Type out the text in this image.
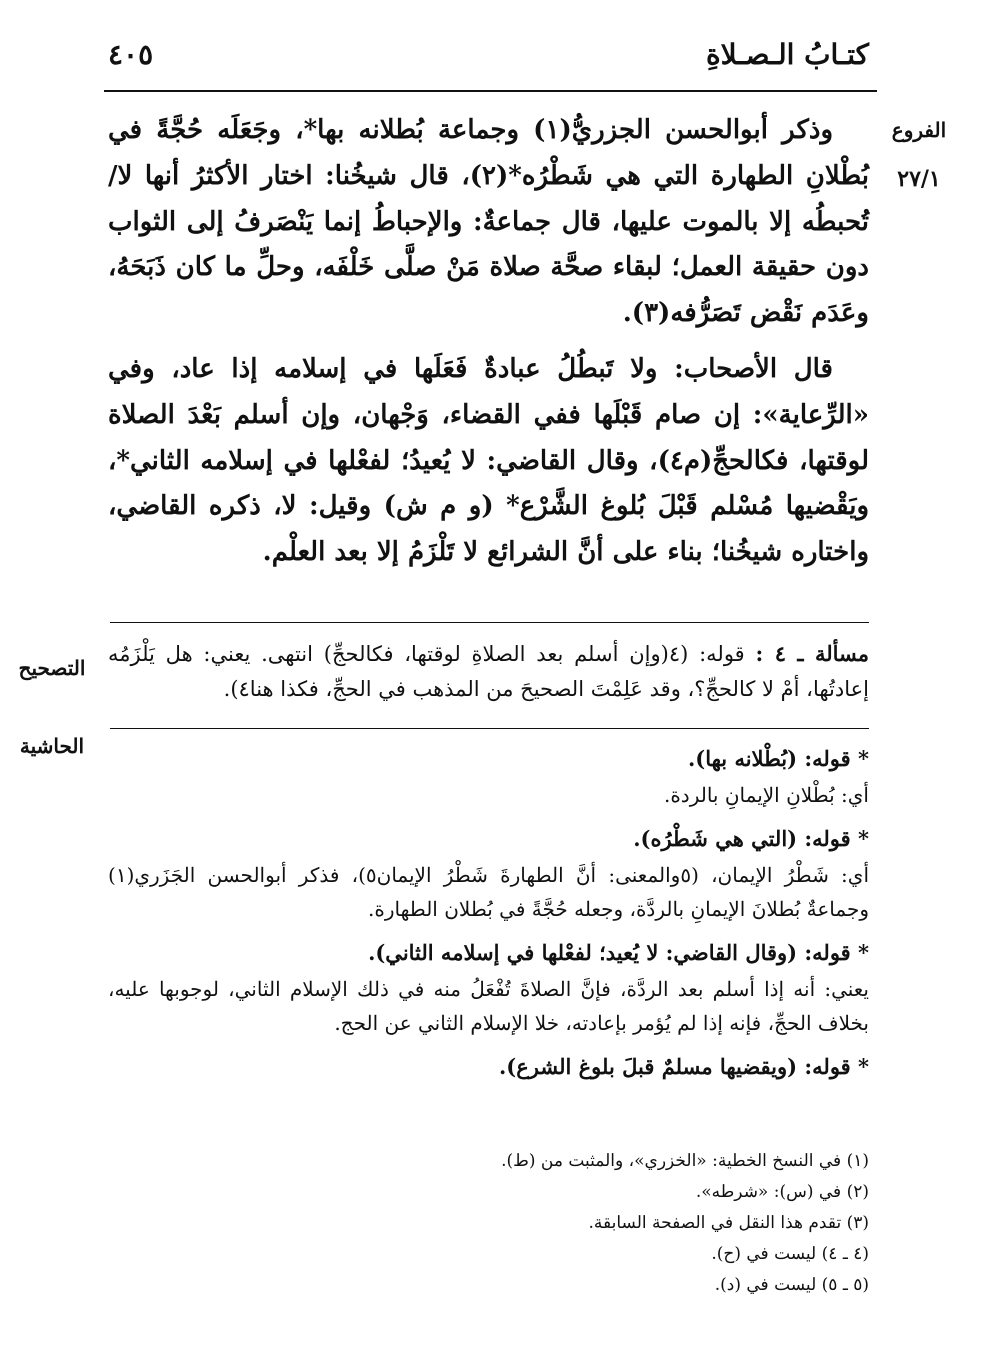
كتـابُ الـصـلاةِ
٤٠٥
الفروع
٢٧/١

وذكر أبوالحسن الجزريُّ(١) وجماعة بُطلانه بها*، وجَعَلَه حُجَّةً في بُطْلانِ الطهارة التي هي شَطْرُه*(٢)، قال شيخُنا: اختار الأكثرُ أنها لا/ تُحبطُه إلا بالموت عليها، قال جماعةٌ: والإحباطُ إنما يَنْصَرفُ إلى الثواب دون حقيقة العمل؛ لبقاء صحَّة صلاة مَنْ صلَّى خَلْفَه، وحلِّ ما كان ذَبَحَهُ، وعَدَم نَقْض تَصَرُّفه(٣).

قال الأصحاب: ولا تَبطُلُ عبادةٌ فَعَلَها في إسلامه إذا عاد، وفي «الرِّعاية»: إن صام قَبْلَها ففي القضاء، وَجْهان، وإن أسلم بَعْدَ الصلاة لوقتها، فكالحجِّ(م٤)، وقال القاضي: لا يُعيدُ؛ لفعْلها في إسلامه الثاني*، ويَقْضيها مُسْلم قَبْلَ بُلوغ الشَّرْع* (و م ش) وقيل: لا، ذكره القاضي، واختاره شيخُنا؛ بناء على أنَّ الشرائع لا تَلْزَمُ إلا بعد العلْم.

التصحيح

مسألة ـ ٤ : قوله: (٤(وإن أسلم بعد الصلاةِ لوقتها، فكالحجِّ) انتهى. يعني: هل يَلْزَمُه إعادتُها، أمْ لا كالحجِّ؟، وقد عَلِمْتَ الصحيحَ من المذهب في الحجِّ، فكذا هنا٤).

الحاشية	* قوله: (بُطْلانه بها).
أي: بُطْلانِ الإيمانِ بالردة.
* قوله: (التي هي شَطْرُه).
أي: شَطْرُ الإيمان، (٥والمعنى: أنَّ الطهارةَ شَطْرُ الإيمان٥)، فذكر أبوالحسن الجَزَري(١) وجماعةٌ بُطلانَ الإيمانِ بالردَّة، وجعله حُجَّةً في بُطلان الطهارة.
* قوله: (وقال القاضي: لا يُعيد؛ لفعْلها في إسلامه الثاني).
يعني: أنه إذا أسلم بعد الردَّة، فإنَّ الصلاةَ تُفْعَلُ منه في ذلك الإسلام الثاني، لوجوبها عليه، بخلاف الحجِّ، فإنه إذا لم يُؤمر بإعادته، خلا الإسلام الثاني عن الحج.
* قوله: (ويقضيها مسلمٌ قبلَ بلوغ الشرع).

(١) في النسخ الخطية: «الخزري»، والمثبت من (ط).

(٢) في (س): «شرطه».

(٣) تقدم هذا النقل في الصفحة السابقة.

(٤ ـ ٤) ليست في (ح).

(٥ ـ ٥) ليست في (د).
